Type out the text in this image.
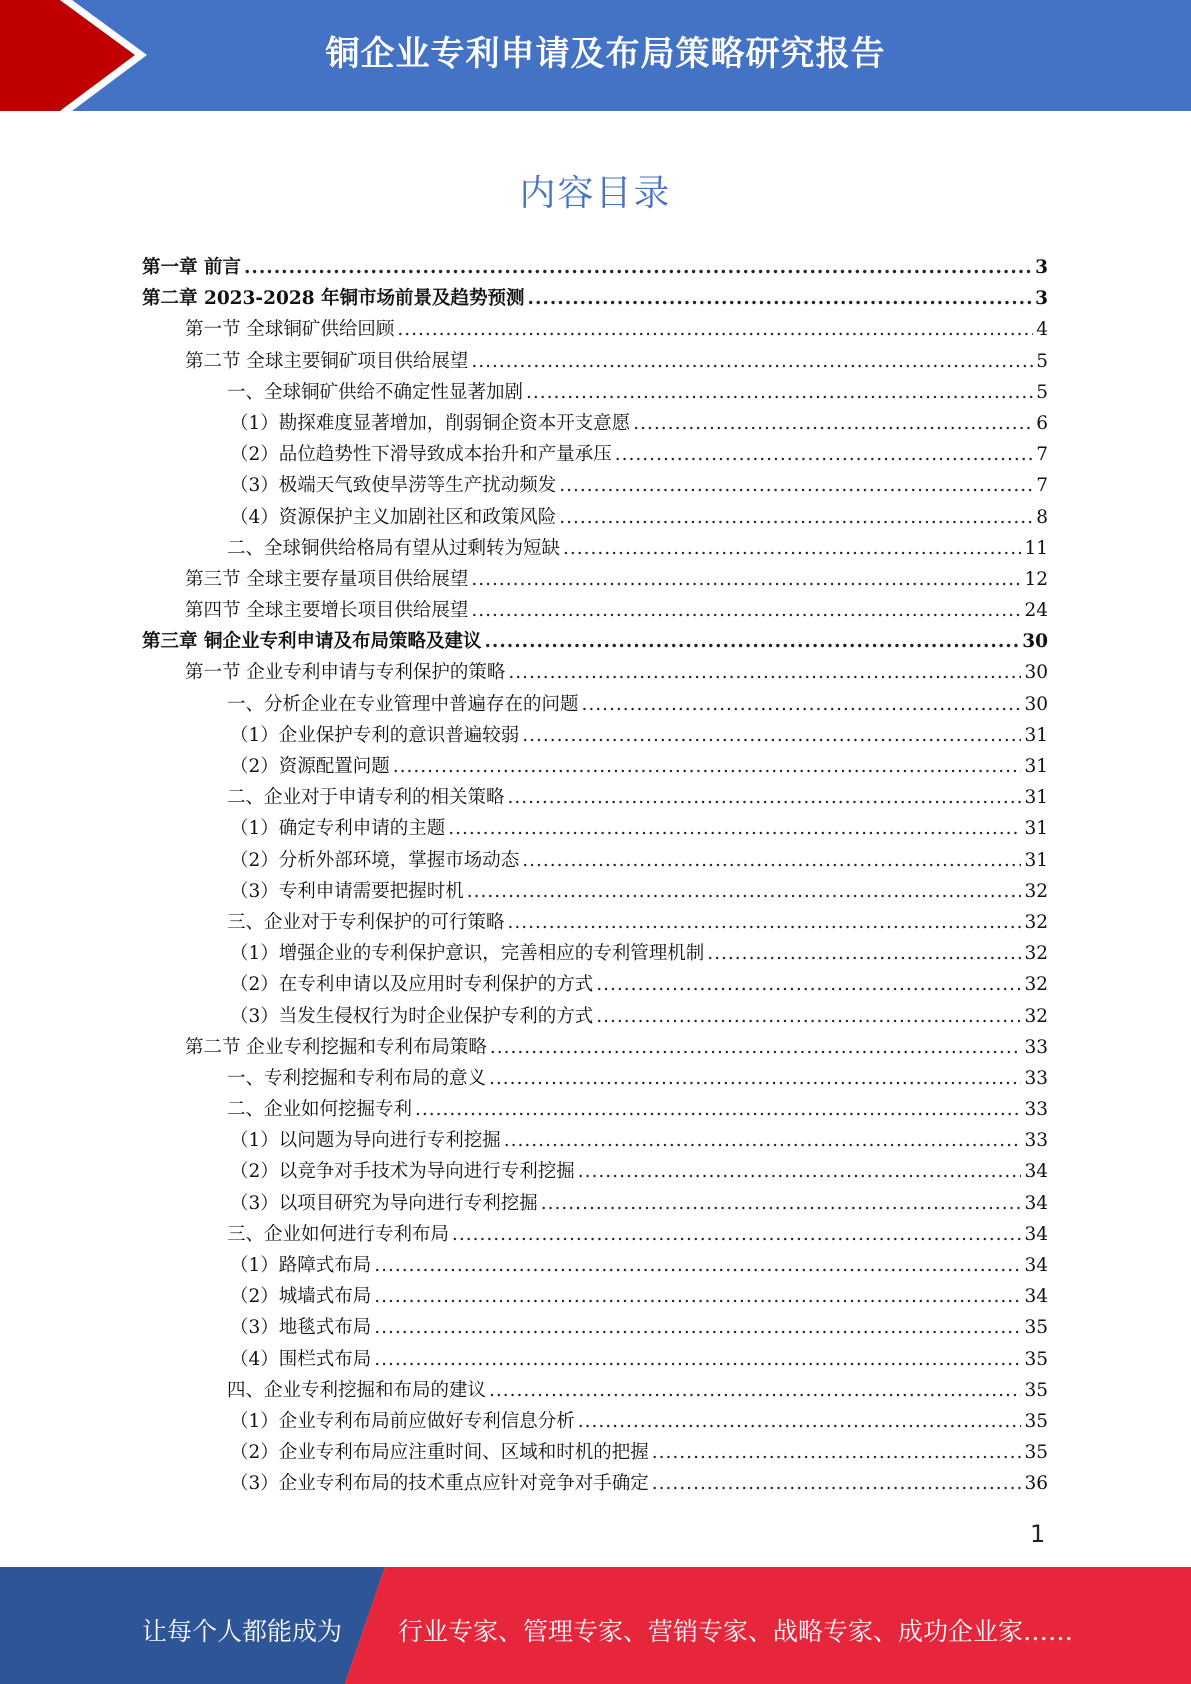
铜企业专利申请及布局策略研究报告
内容目录
第一章 前言 .....	3
第二章 2023-2028 年铜市场前景及趋势预测 .....	3
第一节 全球铜矿供给回顾 .....	4
第二节 全球主要铜矿项目供给展望 .....	5
一、全球铜矿供给不确定性显著加剧 .....	5
（1）勘探难度显著增加，削弱铜企资本开支意愿 .....	6
（2）品位趋势性下滑导致成本抬升和产量承压 .....	7
（3）极端天气致使旱涝等生产扰动频发 .....	7
（4）资源保护主义加剧社区和政策风险 .....	8
二、全球铜供给格局有望从过剩转为短缺 .....	11
第三节 全球主要存量项目供给展望 .....	12
第四节 全球主要增长项目供给展望 .....	24
第三章 铜企业专利申请及布局策略及建议 .....	30
第一节 企业专利申请与专利保护的策略 .....	30
一、分析企业在专业管理中普遍存在的问题 .....	30
（1）企业保护专利的意识普遍较弱 .....	31
（2）资源配置问题 .....	31
二、企业对于申请专利的相关策略 .....	31
（1）确定专利申请的主题 .....	31
（2）分析外部环境，掌握市场动态 .....	31
（3）专利申请需要把握时机 .....	32
三、企业对于专利保护的可行策略 .....	32
（1）增强企业的专利保护意识，完善相应的专利管理机制 .....	32
（2）在专利申请以及应用时专利保护的方式 .....	32
（3）当发生侵权行为时企业保护专利的方式 .....	32
第二节 企业专利挖掘和专利布局策略 .....	33
一、专利挖掘和专利布局的意义 .....	33
二、企业如何挖掘专利 .....	33
（1）以问题为导向进行专利挖掘 .....	33
（2）以竞争对手技术为导向进行专利挖掘 .....	34
（3）以项目研究为导向进行专利挖掘 .....	34
三、企业如何进行专利布局 .....	34
（1）路障式布局 .....	34
（2）城墙式布局 .....	34
（3）地毯式布局 .....	35
（4）围栏式布局 .....	35
四、企业专利挖掘和布局的建议 .....	35
（1）企业专利布局前应做好专利信息分析 .....	35
（2）企业专利布局应注重时间、区域和时机的把握 .....	35
（3）企业专利布局的技术重点应针对竞争对手确定 .....	36
1
让每个人都能成为 行业专家、管理专家、营销专家、战略专家、成功企业家……
